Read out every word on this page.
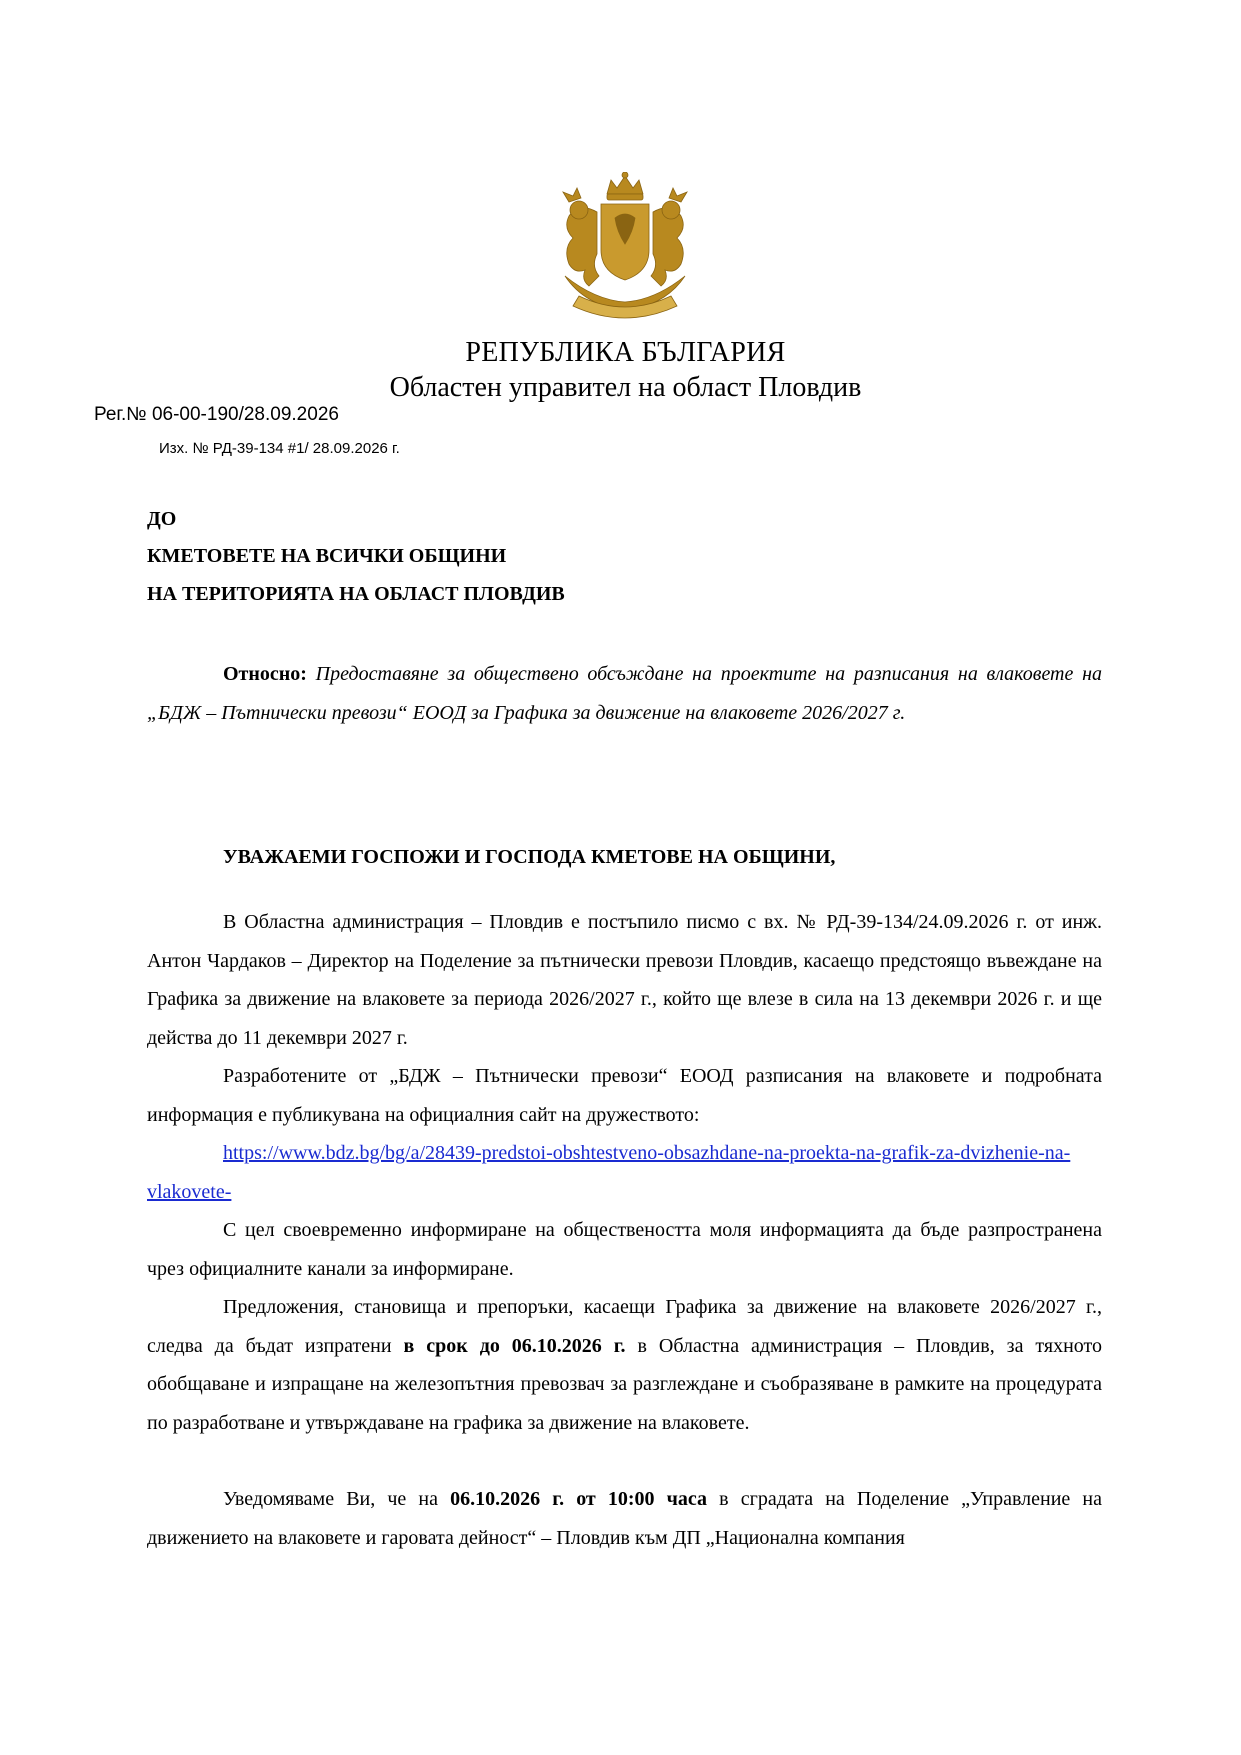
РЕПУБЛИКА БЪЛГАРИЯ
Областен управител на област Пловдив
Рег.№ 06-00-190/28.09.2026
Изх. № РД-39-134 #1/ 28.09.2026 г.
ДО
КМЕТОВЕТЕ НА ВСИЧКИ ОБЩИНИ
НА ТЕРИТОРИЯТА НА ОБЛАСТ ПЛОВДИВ
Относно: Предоставяне за обществено обсъждане на проектите на разписания на влаковете на „БДЖ – Пътнически превози“ ЕООД за Графика за движение на влаковете 2026/2027 г.
УВАЖАЕМИ ГОСПОЖИ И ГОСПОДА КМЕТОВЕ НА ОБЩИНИ,
В Областна администрация – Пловдив е постъпило писмо с вх. № РД-39-134/24.09.2026 г. от инж. Антон Чардаков – Директор на Поделение за пътнически превози Пловдив, касаещо предстоящо въвеждане на Графика за движение на влаковете за периода 2026/2027 г., който ще влезе в сила на 13 декември 2026 г. и ще действа до 11 декември 2027 г.
Разработените от „БДЖ – Пътнически превози“ ЕООД разписания на влаковете и подробната информация е публикувана на официалния сайт на дружеството:
https://www.bdz.bg/bg/a/28439-predstoi-obshtestveno-obsazhdane-na-proekta-na-grafik-za-dvizhenie-na-vlakovete-
С цел своевременно информиране на обществеността моля информацията да бъде разпространена чрез официалните канали за информиране.
Предложения, становища и препоръки, касаещи Графика за движение на влаковете 2026/2027 г., следва да бъдат изпратени в срок до 06.10.2026 г. в Областна администрация – Пловдив, за тяхното обобщаване и изпращане на железопътния превозвач за разглеждане и съобразяване в рамките на процедурата по разработване и утвърждаване на графика за движение на влаковете.
Уведомяваме Ви, че на 06.10.2026 г. от 10:00 часа в сградата на Поделение „Управление на движението на влаковете и гаровата дейност“ – Пловдив към ДП „Национална компания
